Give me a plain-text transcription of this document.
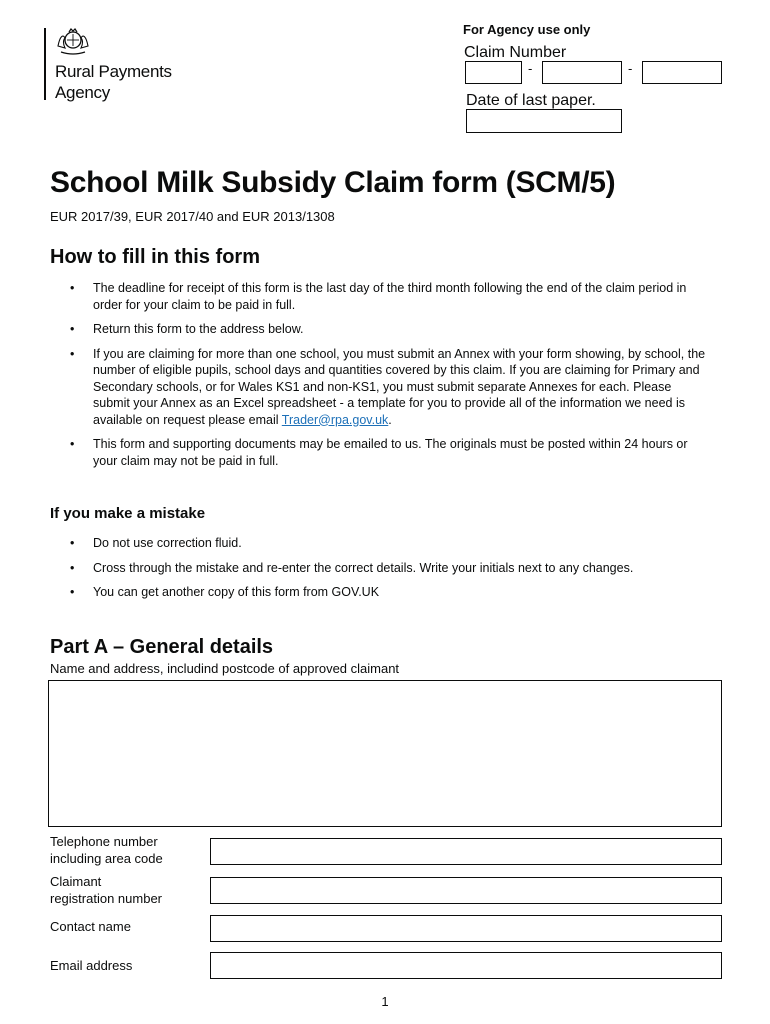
Rural Payments
Agency

For Agency use only

Claim Number
-	-
Date of last paper.
School Milk Subsidy Claim form (SCM/5)

EUR 2017/39, EUR 2017/40 and EUR 2013/1308

How to fill in this form
• The deadline for receipt of this form is the last day of the third month following the end of the claim period in order for your claim to be paid in full.
• Return this form to the address below.
• If you are claiming for more than one school, you must submit an Annex with your form showing, by school, the number of eligible pupils, school days and quantities covered by this claim. If you are claiming for Primary and Secondary schools, or for Wales KS1 and non-KS1, you must submit separate Annexes for each. Please submit your Annex as an Excel spreadsheet - a template for you to provide all of the information we need is available on request please email Trader@rpa.gov.uk.
• This form and supporting documents may be emailed to us. The originals must be posted within 24 hours or your claim may not be paid in full.
If you make a mistake
• Do not use correction fluid.
• Cross through the mistake and re-enter the correct details. Write your initials next to any changes.
• You can get another copy of this form from GOV.UK
Part A – General details

Name and address, includind postcode of approved claimant

Telephone number
including area code
Claimant
registration number
Contact name
Email address
1
